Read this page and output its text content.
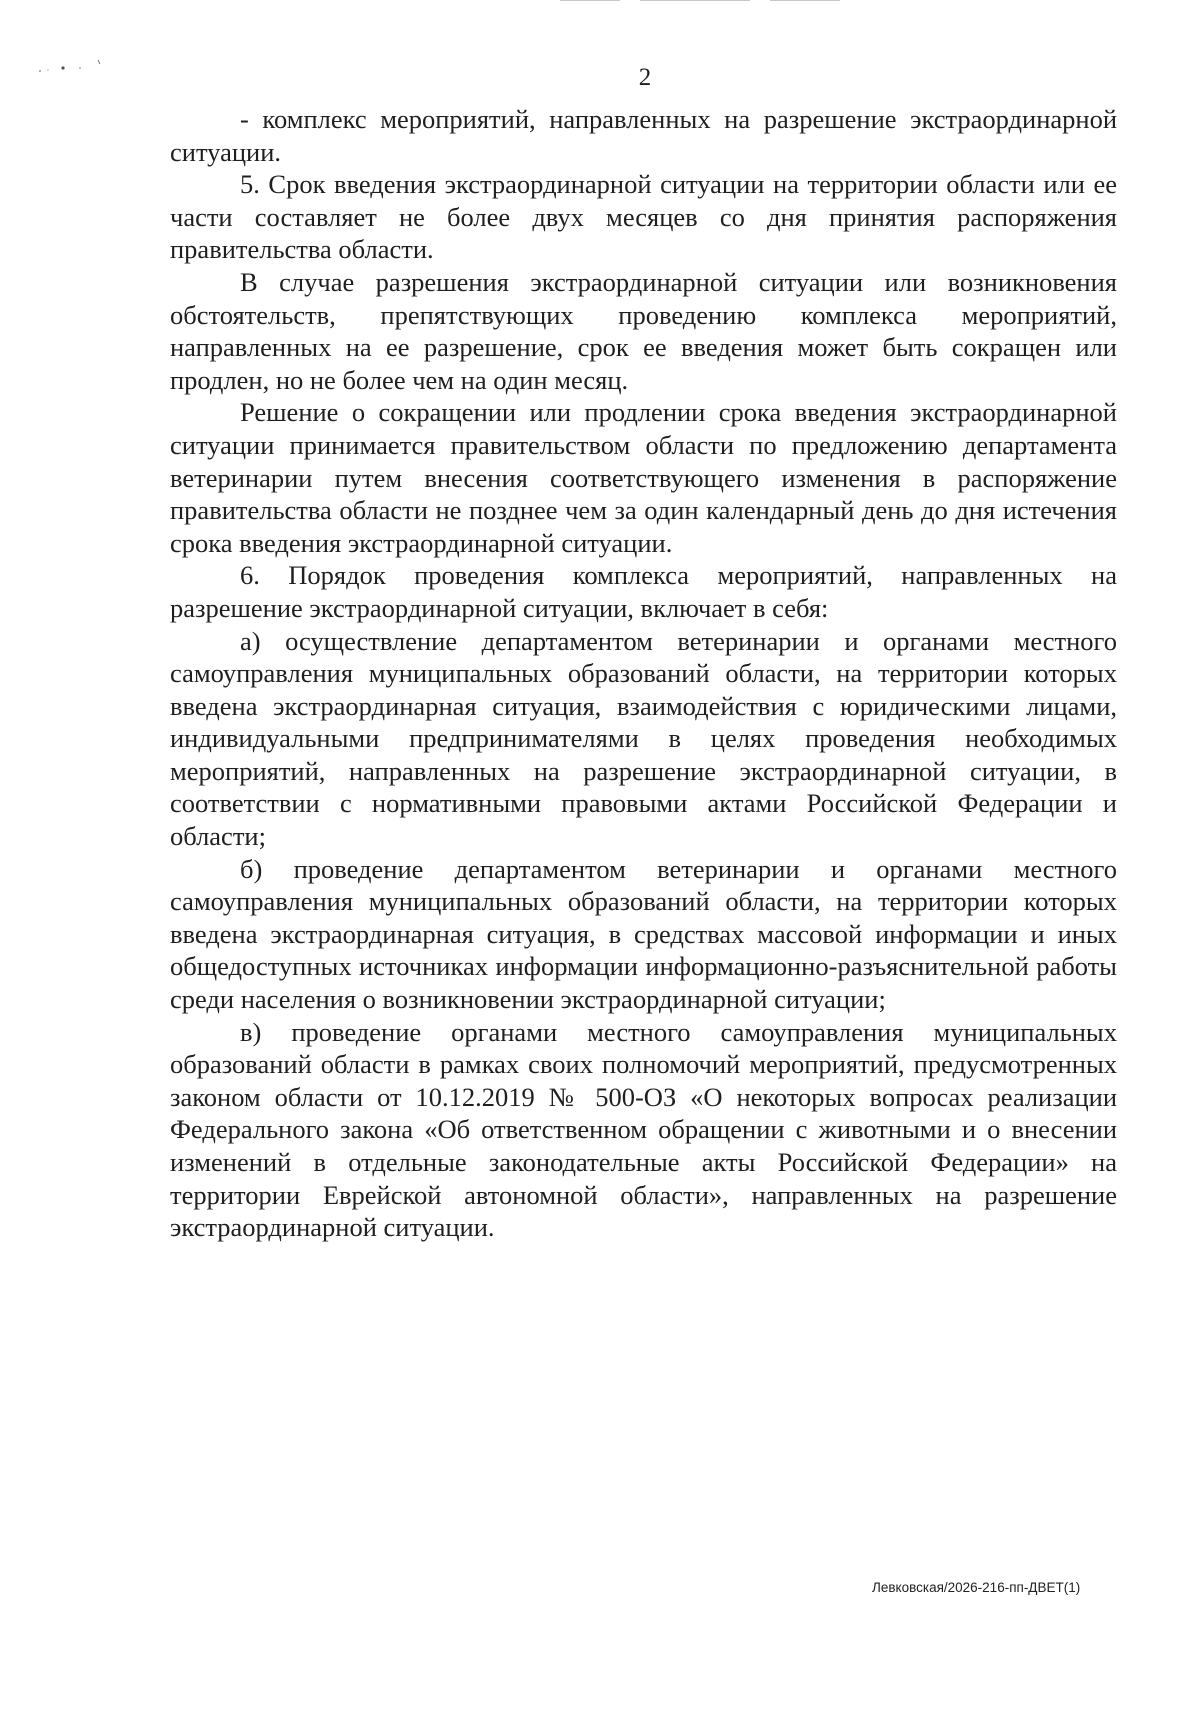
2

- комплекс мероприятий, направленных на разрешение экстраординарной ситуации.

5. Срок введения экстраординарной ситуации на территории области или ее части составляет не более двух месяцев со дня принятия распоряжения правительства области.

В случае разрешения экстраординарной ситуации или возникновения обстоятельств, препятствующих проведению комплекса мероприятий, направленных на ее разрешение, срок ее введения может быть сокращен или продлен, но не более чем на один месяц.

Решение о сокращении или продлении срока введения экстраординарной ситуации принимается правительством области по предложению департамента ветеринарии путем внесения соответствующего изменения в распоряжение правительства области не позднее чем за один календарный день до дня истечения срока введения экстраординарной ситуации.

6. Порядок проведения комплекса мероприятий, направленных на разрешение экстраординарной ситуации, включает в себя:

а) осуществление департаментом ветеринарии и органами местного самоуправления муниципальных образований области, на территории которых введена экстраординарная ситуация, взаимодействия с юридическими лицами, индивидуальными предпринимателями в целях проведения необходимых мероприятий, направленных на разрешение экстраординарной ситуации, в соответствии с нормативными правовыми актами Российской Федерации и области;

б) проведение департаментом ветеринарии и органами местного самоуправления муниципальных образований области, на территории которых введена экстраординарная ситуация, в средствах массовой информации и иных общедоступных источниках информации информационно-разъяснительной работы среди населения о возникновении экстраординарной ситуации;

в) проведение органами местного самоуправления муниципальных образований области в рамках своих полномочий мероприятий, предусмотренных законом области от 10.12.2019 № 500-ОЗ «О некоторых вопросах реализации Федерального закона «Об ответственном обращении с животными и о внесении изменений в отдельные законодательные акты Российской Федерации» на территории Еврейской автономной области», направленных на разрешение экстраординарной ситуации.

Левковская/2026-216-пп-ДВЕТ(1)
